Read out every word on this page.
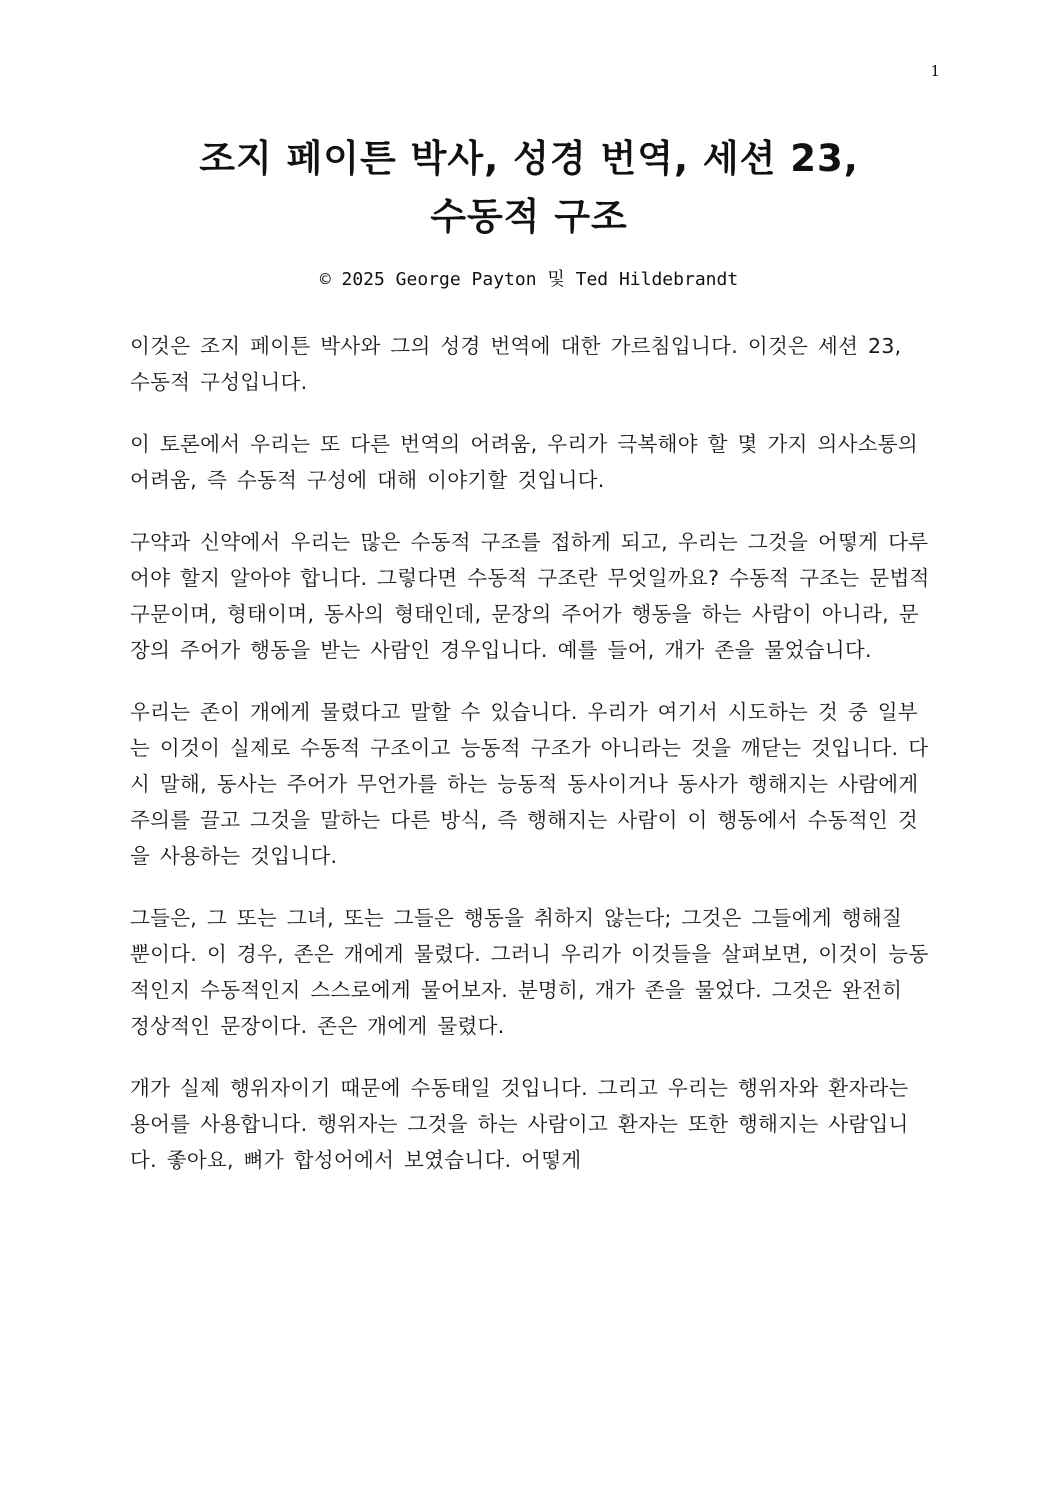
1
조지 페이튼 박사, 성경 번역, 세션 23,
수동적 구조

© 2025 George Payton 및 Ted Hildebrandt

이것은 조지 페이튼 박사와 그의 성경 번역에 대한 가르침입니다. 이것은 세션 23, 수동적 구성입니다.

이 토론에서 우리는 또 다른 번역의 어려움, 우리가 극복해야 할 몇 가지 의사소통의 어려움, 즉 수동적 구성에 대해 이야기할 것입니다.

구약과 신약에서 우리는 많은 수동적 구조를 접하게 되고, 우리는 그것을 어떻게 다루어야 할지 알아야 합니다. 그렇다면 수동적 구조란 무엇일까요? 수동적 구조는 문법적 구문이며, 형태이며, 동사의 형태인데, 문장의 주어가 행동을 하는 사람이 아니라, 문장의 주어가 행동을 받는 사람인 경우입니다. 예를 들어, 개가 존을 물었습니다.

우리는 존이 개에게 물렸다고 말할 수 있습니다. 우리가 여기서 시도하는 것 중 일부는 이것이 실제로 수동적 구조이고 능동적 구조가 아니라는 것을 깨닫는 것입니다. 다시 말해, 동사는 주어가 무언가를 하는 능동적 동사이거나 동사가 행해지는 사람에게 주의를 끌고 그것을 말하는 다른 방식, 즉 행해지는 사람이 이 행동에서 수동적인 것을 사용하는 것입니다.

그들은, 그 또는 그녀, 또는 그들은 행동을 취하지 않는다; 그것은 그들에게 행해질 뿐이다. 이 경우, 존은 개에게 물렸다. 그러니 우리가 이것들을 살펴보면, 이것이 능동적인지 수동적인지 스스로에게 물어보자. 분명히, 개가 존을 물었다. 그것은 완전히 정상적인 문장이다. 존은 개에게 물렸다.

개가 실제 행위자이기 때문에 수동태일 것입니다. 그리고 우리는 행위자와 환자라는 용어를 사용합니다. 행위자는 그것을 하는 사람이고 환자는 또한 행해지는 사람입니다. 좋아요, 뼈가 합성어에서 보였습니다. 어떻게
